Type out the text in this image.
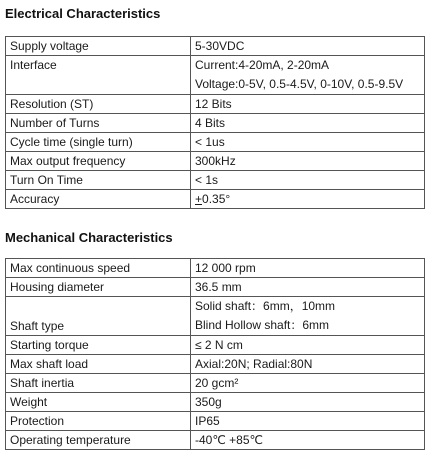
Electrical Characteristics
Supply voltage	5-30VDC
Interface	Current:4-20mA, 2-20mA
Voltage:0-5V, 0.5-4.5V, 0-10V, 0.5-9.5V

Resolution (ST)	12 Bits
Number of Turns	4 Bits
Cycle time (single turn)	< 1us
Max output frequency	300kHz
Turn On Time	< 1s
Accuracy	+0.35°
Mechanical Characteristics
Max continuous speed	12 000 rpm
Housing diameter	36.5 mm
Shaft type	Solid shaft：6mm，10mm
Blind Hollow shaft：6mm

Starting torque	≤ 2 N cm
Max shaft load	Axial:20N; Radial:80N
Shaft inertia	20 gcm²
Weight	350g
Protection	IP65
Operating temperature	-40℃ +85℃
